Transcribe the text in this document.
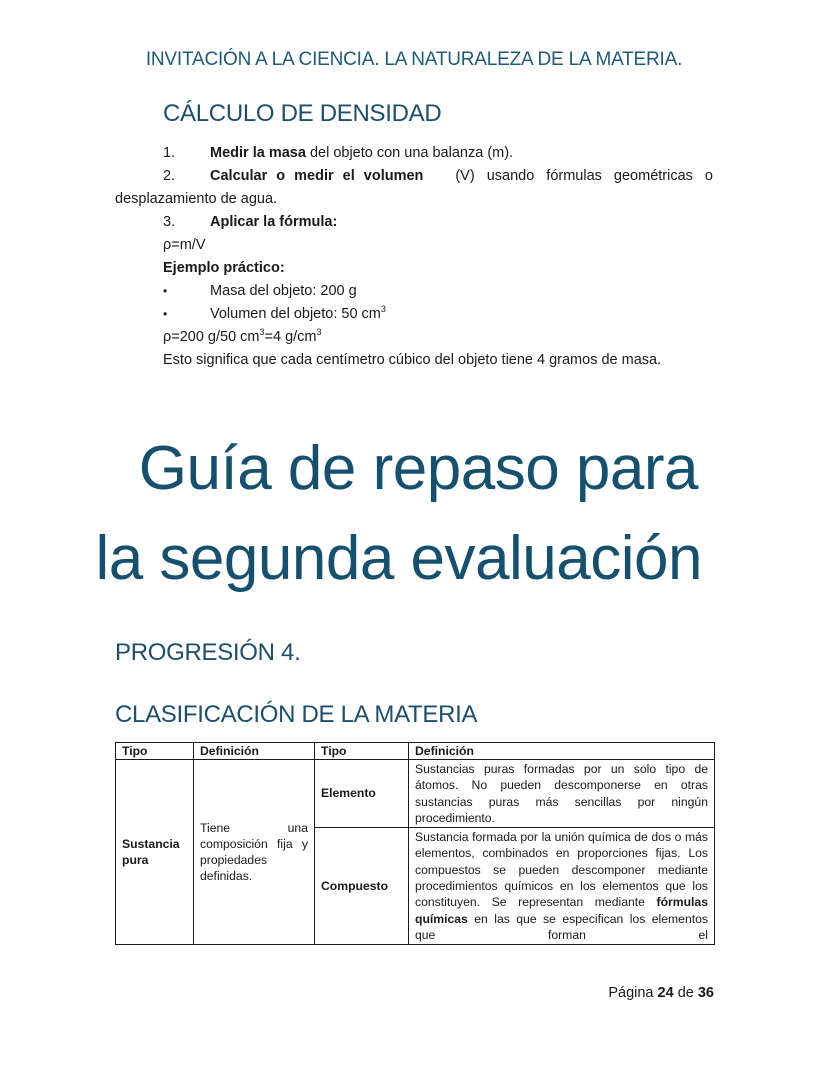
INVITACIÓN A LA CIENCIA. LA NATURALEZA DE LA MATERIA.
CÁLCULO DE DENSIDAD
1. Medir la masa del objeto con una balanza (m).
2.	Calcular o medir el volumen	(V) usando fórmulas geométricas o
desplazamiento de agua.
3. Aplicar la fórmula:
ρ=m/V
Ejemplo práctico:
•	Masa del objeto: 200 g
•	Volumen del objeto: 50 $cm^3$
ρ=200 g/50 $cm^3=4$ $g/cm^3$
Esto significa que cada centímetro cúbico del objeto tiene 4 gramos de masa.
Guía de repaso para
la segunda evaluación
PROGRESIÓN 4.
CLASIFICACIÓN DE LA MATERIA
Tipo	Definición	Tipo	Definición
Sustancia pura	Tiene una composición fija y propiedades definidas.	Elemento	Sustancias puras formadas por un solo tipo de átomos. No pueden descomponerse en otras sustancias puras más sencillas por ningún procedimiento.
		Compuesto	Sustancia formada por la unión química de dos o más elementos, combinados en proporciones fijas. Los compuestos se pueden descomponer mediante procedimientos químicos en los elementos que los constituyen. Se representan mediante fórmulas químicas en las que se especifican los elementos que forman el
Página 24 de 36
